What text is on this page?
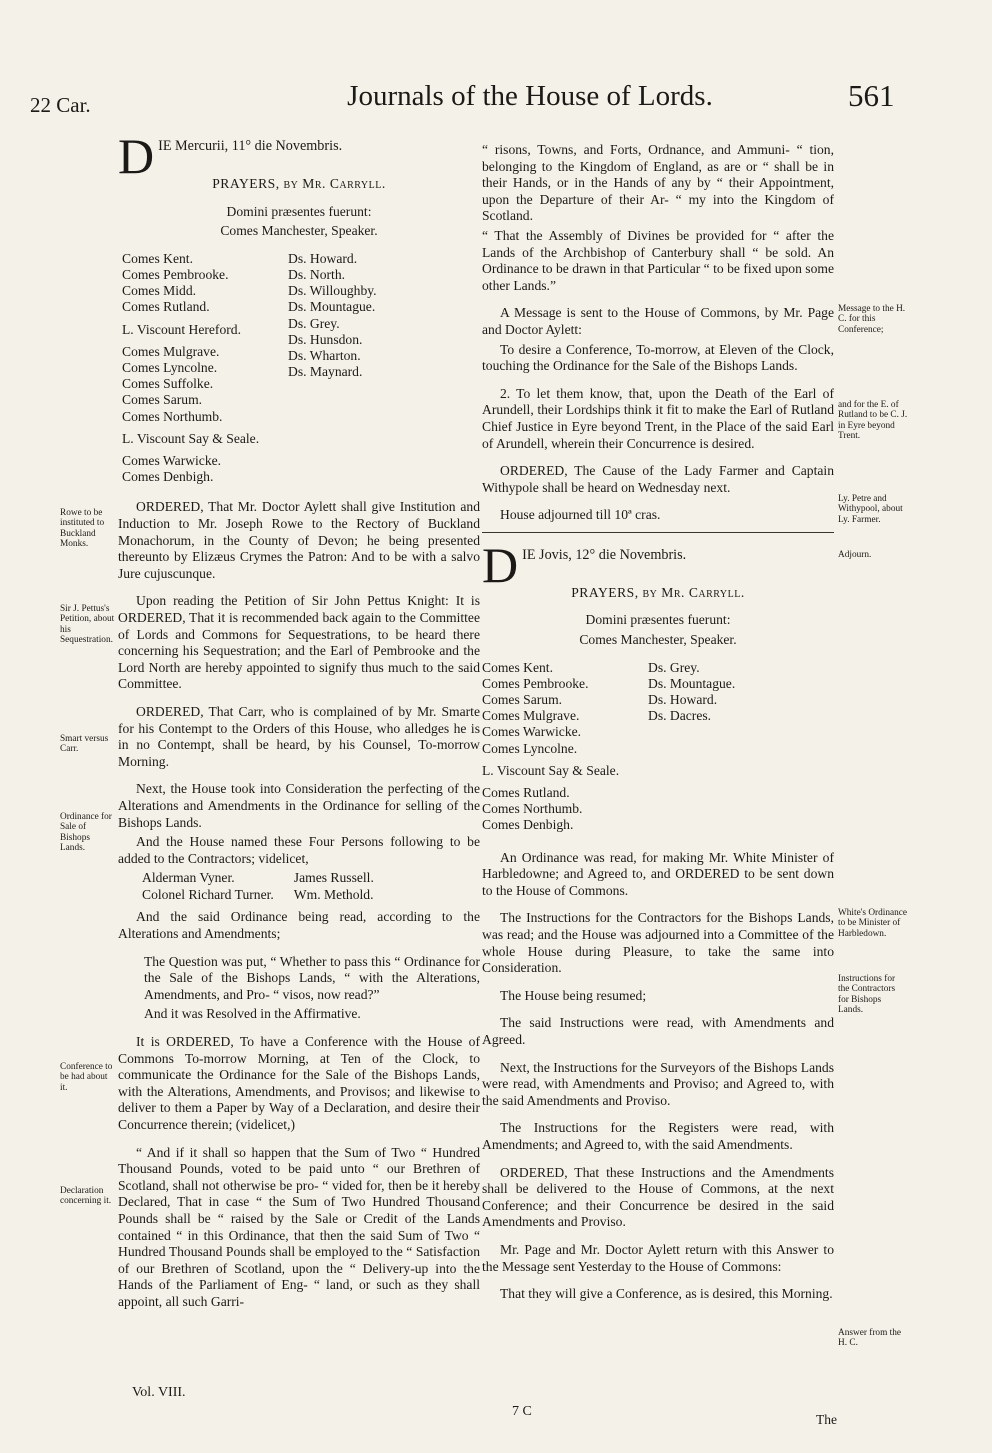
22 Car.	Journals of the House of Lords.	561
D IE Mercurii, 11° die Novembris.

PRAYERS, by Mr. Carryll.

Domini præsentes fuerunt:

Comes Manchester, Speaker.

Comes Kent.
Comes Pembrooke.
Comes Midd.
Comes Rutland.
L. Viscount Hereford.
Comes Mulgrave.
Comes Lyncolne.
Comes Suffolke.
Comes Sarum.
Comes Northumb.
L. Viscount Say & Seale.
Comes Warwicke.
Comes Denbigh.
Ds. Howard.
Ds. North.
Ds. Willoughby.
Ds. Mountague.
Ds. Grey.
Ds. Hunsdon.
Ds. Wharton.
Ds. Maynard.

ORDERED, That Mr. Doctor Aylett shall give Institution and Induction to Mr. Joseph Rowe to the Rectory of Buckland Monachorum, in the County of Devon; he being presented thereunto by Elizæus Crymes the Patron: And to be with a salvo Jure cujuscunque.

Upon reading the Petition of Sir John Pettus Knight: It is ORDERED, That it is recommended back again to the Committee of Lords and Commons for Sequestrations, to be heard there concerning his Sequestration; and the Earl of Pembrooke and the Lord North are hereby appointed to signify thus much to the said Committee.

ORDERED, That Carr, who is complained of by Mr. Smarte for his Contempt to the Orders of this House, who alledges he is in no Contempt, shall be heard, by his Counsel, To-morrow Morning.

Next, the House took into Consideration the perfecting of the Alterations and Amendments in the Ordinance for selling of the Bishops Lands.

And the House named these Four Persons following to be added to the Contractors; videlicet,

Alderman Vyner.
Colonel Richard Turner.
James Russell.
Wm. Methold.

And the said Ordinance being read, according to the Alterations and Amendments;

The Question was put, “ Whether to pass this “ Ordinance for the Sale of the Bishops Lands, “ with the Alterations, Amendments, and Pro- “ visos, now read?”

And it was Resolved in the Affirmative.

It is ORDERED, To have a Conference with the House of Commons To-morrow Morning, at Ten of the Clock, to communicate the Ordinance for the Sale of the Bishops Lands, with the Alterations, Amendments, and Provisos; and likewise to deliver to them a Paper by Way of a Declaration, and desire their Concurrence therein; (videlicet,)

“ And if it shall so happen that the Sum of Two “ Hundred Thousand Pounds, voted to be paid unto “ our Brethren of Scotland, shall not otherwise be pro- “ vided for, then be it hereby Declared, That in case “ the Sum of Two Hundred Thousand Pounds shall be “ raised by the Sale or Credit of the Lands contained “ in this Ordinance, that then the said Sum of Two “ Hundred Thousand Pounds shall be employed to the “ Satisfaction of our Brethren of Scotland, upon the “ Delivery-up into the Hands of the Parliament of Eng- “ land, or such as they shall appoint, all such Garri-

“ risons, Towns, and Forts, Ordnance, and Ammuni- “ tion, belonging to the Kingdom of England, as are or “ shall be in their Hands, or in the Hands of any by “ their Appointment, upon the Departure of their Ar- “ my into the Kingdom of Scotland.

“ That the Assembly of Divines be provided for “ after the Lands of the Archbishop of Canterbury shall “ be sold. An Ordinance to be drawn in that Particular “ to be fixed upon some other Lands.”

A Message is sent to the House of Commons, by Mr. Page and Doctor Aylett:

To desire a Conference, To-morrow, at Eleven of the Clock, touching the Ordinance for the Sale of the Bishops Lands.

2. To let them know, that, upon the Death of the Earl of Arundell, their Lordships think it fit to make the Earl of Rutland Chief Justice in Eyre beyond Trent, in the Place of the said Earl of Arundell, wherein their Concurrence is desired.

ORDERED, The Cause of the Lady Farmer and Captain Withypole shall be heard on Wednesday next.

House adjourned till 10ª cras.

D IE Jovis, 12° die Novembris.

PRAYERS, by Mr. Carryll.

Domini præsentes fuerunt:

Comes Manchester, Speaker.

Comes Kent.
Comes Pembrooke.
Comes Sarum.
Comes Mulgrave.
Comes Warwicke.
Comes Lyncolne.
L. Viscount Say & Seale.
Comes Rutland.
Comes Northumb.
Comes Denbigh.
Ds. Grey.
Ds. Mountague.
Ds. Howard.
Ds. Dacres.

An Ordinance was read, for making Mr. White Minister of Harbledowne; and Agreed to, and ORDERED to be sent down to the House of Commons.

The Instructions for the Contractors for the Bishops Lands, was read; and the House was adjourned into a Committee of the whole House during Pleasure, to take the same into Consideration.

The House being resumed;

The said Instructions were read, with Amendments and Agreed.

Next, the Instructions for the Surveyors of the Bishops Lands were read, with Amendments and Proviso; and Agreed to, with the said Amendments and Proviso.

The Instructions for the Registers were read, with Amendments; and Agreed to, with the said Amendments.

ORDERED, That these Instructions and the Amendments shall be delivered to the House of Commons, at the next Conference; and their Concurrence be desired in the said Amendments and Proviso.

Mr. Page and Mr. Doctor Aylett return with this Answer to the Message sent Yesterday to the House of Commons:

That they will give a Conference, as is desired, this Morning.

Rowe to be instituted to Buckland Monks.
Sir J. Pettus's Petition, about his Sequestration.
Smart versus Carr.
Ordinance for Sale of Bishops Lands.
Conference to be had about it.
Declaration concerning it.
Message to the H. C. for this Conference;
and for the E. of Rutland to be C. J. in Eyre beyond Trent.
Ly. Petre and Withypool, about Ly. Farmer.
Adjourn.
White's Ordinance to be Minister of Harbledown.
Instructions for the Contractors for Bishops Lands.
Answer from the H. C.
Vol. VIII.
7 C
The
